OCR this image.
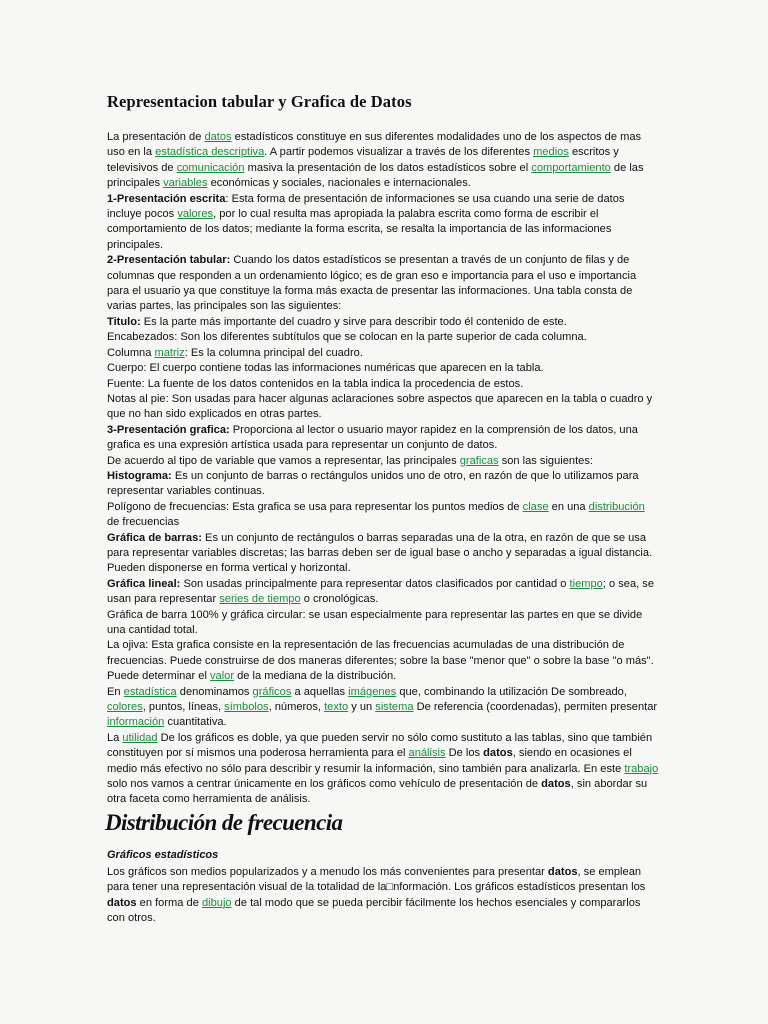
Representacion tabular y Grafica de Datos

La presentación de datos estadísticos constituye en sus diferentes modalidades uno de los aspectos de mas uso en la estadística descriptiva. A partir podemos visualizar a través de los diferentes medios escritos y televisivos de comunicación masiva la presentación de los datos estadísticos sobre el comportamiento de las principales variables económicas y sociales, nacionales e internacionales.

1-Presentación escrita: Esta forma de presentación de informaciones se usa cuando una serie de datos incluye pocos valores, por lo cual resulta mas apropiada la palabra escrita como forma de escribir el comportamiento de los datos; mediante la forma escrita, se resalta la importancia de las informaciones principales.

2-Presentación tabular: Cuando los datos estadísticos se presentan a través de un conjunto de filas y de columnas que responden a un ordenamiento lógico; es de gran eso e importancia para el uso e importancia para el usuario ya que constituye la forma más exacta de presentar las informaciones. Una tabla consta de varias partes, las principales son las siguientes:

Titulo: Es la parte más importante del cuadro y sirve para describir todo él contenido de este.

Encabezados: Son los diferentes subtítulos que se colocan en la parte superior de cada columna.

Columna matriz: Es la columna principal del cuadro.

Cuerpo: El cuerpo contiene todas las informaciones numéricas que aparecen en la tabla.

Fuente: La fuente de los datos contenidos en la tabla indica la procedencia de estos.

Notas al pie: Son usadas para hacer algunas aclaraciones sobre aspectos que aparecen en la tabla o cuadro y que no han sido explicados en otras partes.

3-Presentación grafica: Proporciona al lector o usuario mayor rapidez en la comprensión de los datos, una grafica es una expresión artística usada para representar un conjunto de datos.

De acuerdo al tipo de variable que vamos a representar, las principales graficas son las siguientes:

Histograma: Es un conjunto de barras o rectángulos unidos uno de otro, en razón de que lo utilizamos para representar variables continuas.

Polígono de frecuencias: Esta grafica se usa para representar los puntos medios de clase en una distribución de frecuencias

Gráfica de barras: Es un conjunto de rectángulos o barras separadas una de la otra, en razón de que se usa para representar variables discretas; las barras deben ser de igual base o ancho y separadas a igual distancia. Pueden disponerse en forma vertical y horizontal.

Gráfica lineal: Son usadas principalmente para representar datos clasificados por cantidad o tiempo; o sea, se usan para representar series de tiempo o cronológicas.

Gráfica de barra 100% y gráfica circular: se usan especialmente para representar las partes en que se divide una cantidad total.

La ojiva: Esta grafica consiste en la representación de las frecuencias acumuladas de una distribución de frecuencias. Puede construirse de dos maneras diferentes; sobre la base "menor que" o sobre la base "o más". Puede determinar el valor de la mediana de la distribución.

En estadística denominamos gráficos a aquellas imágenes que, combinando la utilización De sombreado, colores, puntos, líneas, símbolos, números, texto y un sistema De referencia (coordenadas), permiten presentar información cuantitativa.

La utilidad De los gráficos es doble, ya que pueden servir no sólo como sustituto a las tablas, sino que también constituyen por sí mismos una poderosa herramienta para el análisis De los datos, siendo en ocasiones el medio más efectivo no sólo para describir y resumir la información, sino también para analizarla. En este trabajo solo nos vamos a centrar únicamente en los gráficos como vehículo de presentación de datos, sin abordar su otra faceta como herramienta de análisis.

Distribución de frecuencia
Gráficos estadísticos

Los gráficos son medios popularizados y a menudo los más convenientes para presentar datos, se emplean para tener una representación visual de la totalidad de la□nformación. Los gráficos estadísticos presentan los datos en forma de dibujo de tal modo que se pueda percibir fácilmente los hechos esenciales y compararlos con otros.
